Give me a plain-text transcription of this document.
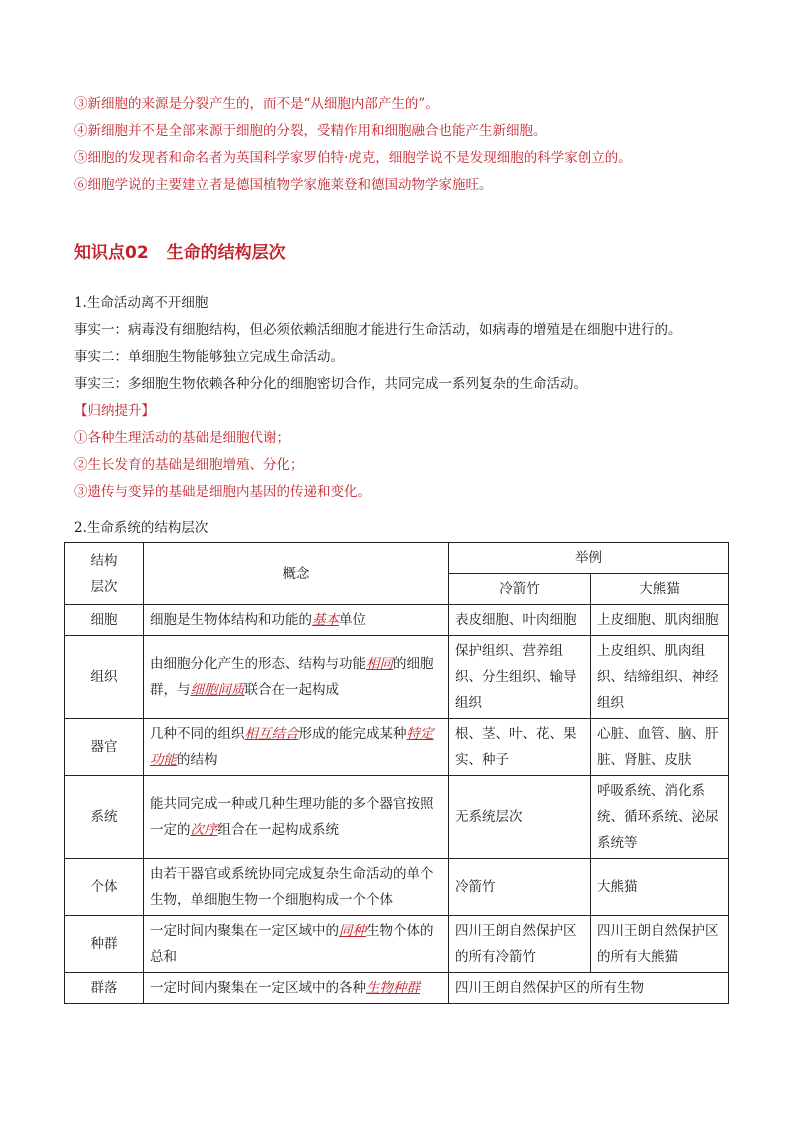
③新细胞的来源是分裂产生的，而不是“从细胞内部产生的”。
④新细胞并不是全部来源于细胞的分裂，受精作用和细胞融合也能产生新细胞。
⑤细胞的发现者和命名者为英国科学家罗伯特·虎克，细胞学说不是发现细胞的科学家创立的。
⑥细胞学说的主要建立者是德国植物学家施莱登和德国动物学家施旺。
知识点02 生命的结构层次
1.生命活动离不开细胞
事实一：病毒没有细胞结构，但必须依赖活细胞才能进行生命活动，如病毒的增殖是在细胞中进行的。
事实二：单细胞生物能够独立完成生命活动。
事实三：多细胞生物依赖各种分化的细胞密切合作，共同完成一系列复杂的生命活动。
【归纳提升】
①各种生理活动的基础是细胞代谢；
②生长发育的基础是细胞增殖、分化；
③遗传与变异的基础是细胞内基因的传递和变化。
2.生命系统的结构层次
结构
层次	概念	举例	
		冷箭竹	大熊猫
细胞	细胞是生物体结构和功能的基本单位	表皮细胞、叶肉细胞	上皮细胞、肌肉细胞
组织	由细胞分化产生的形态、结构与功能相同的细胞群，与细胞间质联合在一起构成	保护组织、营养组织、分生组织、输导组织	上皮组织、肌肉组织、结缔组织、神经组织
器官	几种不同的组织相互结合形成的能完成某种特定功能的结构	根、茎、叶、花、果实、种子	心脏、血管、脑、肝脏、肾脏、皮肤
系统	能共同完成一种或几种生理功能的多个器官按照一定的次序组合在一起构成系统	无系统层次	呼吸系统、消化系统、循环系统、泌尿系统等
个体	由若干器官或系统协同完成复杂生命活动的单个生物，单细胞生物一个细胞构成一个个体	冷箭竹	大熊猫
种群	一定时间内聚集在一定区域中的同种生物个体的总和	四川王朗自然保护区的所有冷箭竹	四川王朗自然保护区的所有大熊猫
群落	一定时间内聚集在一定区域中的各种生物种群	四川王朗自然保护区的所有生物	
